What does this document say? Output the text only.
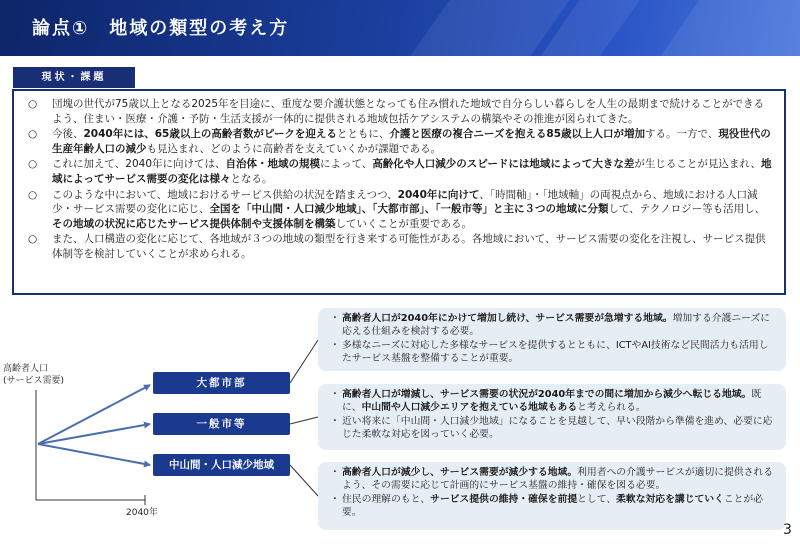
論点①　地域の類型の考え方
現状・課題
○ 団塊の世代が75歳以上となる2025年を目途に、重度な要介護状態となっても住み慣れた地域で自分らしい暮らしを人生の最期まで続けることができるよう、住まい・医療・介護・予防・生活支援が一体的に提供される地域包括ケアシステムの構築やその推進が図られてきた。
○ 今後、2040年には、65歳以上の高齢者数がピークを迎えるとともに、介護と医療の複合ニーズを抱える85歳以上人口が増加する。一方で、現役世代の生産年齢人口の減少も見込まれ、どのように高齢者を支えていくかが課題である。
○ これに加えて、2040年に向けては、自治体・地域の規模によって、高齢化や人口減少のスピードには地域によって大きな差が生じることが見込まれ、地域によってサービス需要の変化は様々となる。
○ このような中において、地域におけるサービス供給の状況を踏まえつつ、2040年に向けて、「時間軸」・「地域軸」の両視点から、地域における人口減少・サービス需要の変化に応じ、全国を「中山間・人口減少地域」、「大都市部」、「一般市等」と主に３つの地域に分類して、テクノロジー等も活用し、その地域の状況に応じたサービス提供体制や支援体制を構築していくことが重要である。
○ また、人口構造の変化に応じて、各地域が３つの地域の類型を行き来する可能性がある。各地域において、サービス需要の変化を注視し、サービス提供体制等を検討していくことが求められる。
高齢者人口
(サービス需要)
2040年
大都市部
一般市等
中山間・人口減少地域
・ 高齢者人口が2040年にかけて増加し続け、サービス需要が急増する地域。増加する介護ニーズに応える仕組みを検討する必要。
・ 多様なニーズに対応した多様なサービスを提供するとともに、ICTやAI技術など民間活力も活用したサービス基盤を整備することが重要。
・ 高齢者人口が増減し、サービス需要の状況が2040年までの間に増加から減少へ転じる地域。既に、中山間や人口減少エリアを抱えている地域もあると考えられる。
・ 近い将来に「中山間・人口減少地域」になることを見越して、早い段階から準備を進め、必要に応じた柔軟な対応を図っていく必要。
・ 高齢者人口が減少し、サービス需要が減少する地域。利用者への介護サービスが適切に提供されるよう、その需要に応じて計画的にサービス基盤の維持・確保を図る必要。
・ 住民の理解のもと、サービス提供の維持・確保を前提として、柔軟な対応を講じていくことが必要。
3
